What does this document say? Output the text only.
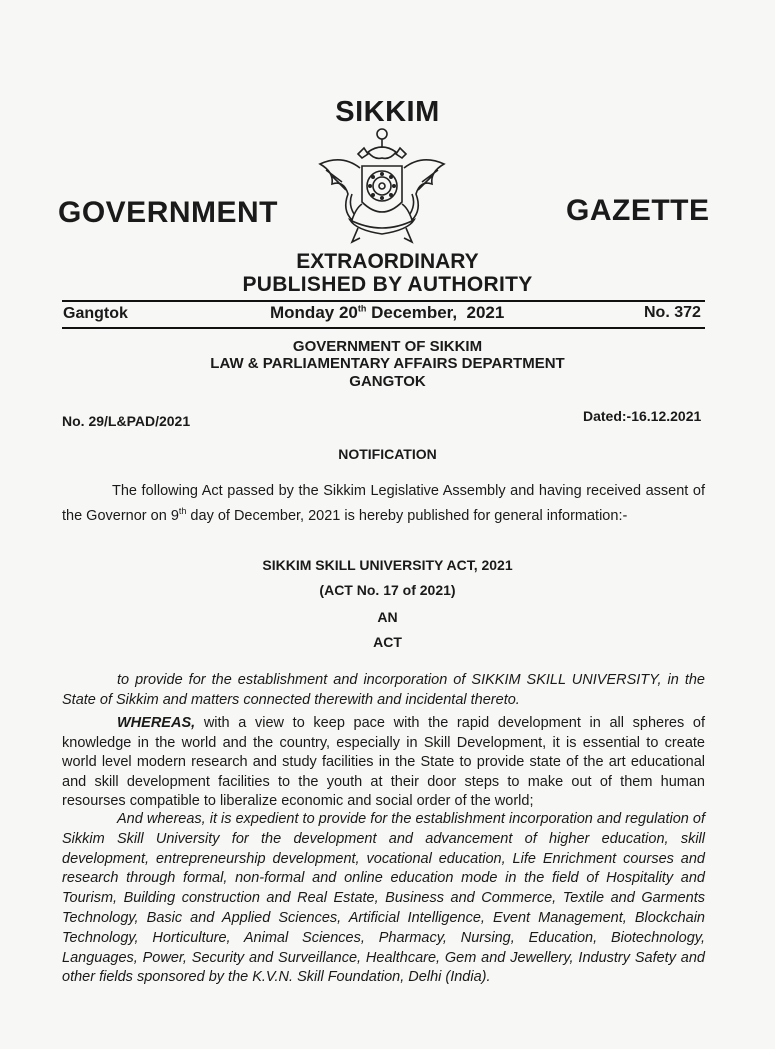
SIKKIM
GOVERNMENT	GAZETTE
EXTRAORDINARY
PUBLISHED BY AUTHORITY
Gangtok	Monday 20th December,  2021	No. 372
GOVERNMENT OF SIKKIM
LAW & PARLIAMENTARY AFFAIRS DEPARTMENT
GANGTOK
No. 29/L&PAD/2021	Dated:-16.12.2021
NOTIFICATION
The following Act passed by the Sikkim Legislative Assembly and having received assent of the Governor on 9th day of December, 2021 is hereby published for general information:-
SIKKIM SKILL UNIVERSITY ACT, 2021
(ACT No. 17 of 2021)
AN
ACT
to provide for the establishment and incorporation of SIKKIM SKILL UNIVERSITY, in the State of Sikkim and matters connected therewith and incidental thereto.
WHEREAS, with a view to keep pace with the rapid development in all spheres of knowledge in the world and the country, especially in Skill Development, it is essential to create world level modern research and study facilities in the State to provide state of the art educational and skill development facilities to the youth at their door steps to make out of them human resourses compatible to liberalize economic and social order of the world;
And whereas, it is expedient to provide for the establishment incorporation and regulation of Sikkim Skill University for the development and advancement of higher education, skill development, entrepreneurship development, vocational education, Life Enrichment courses and research through formal, non-formal and online education mode in the field of Hospitality and Tourism, Building construction and Real Estate, Business and Commerce, Textile and Garments Technology, Basic and Applied Sciences, Artificial Intelligence, Event Management, Blockchain Technology, Horticulture, Animal Sciences, Pharmacy, Nursing, Education, Biotechnology, Languages, Power, Security and Surveillance, Healthcare, Gem and Jewellery, Industry Safety and other fields sponsored by the K.V.N. Skill Foundation, Delhi (India).
